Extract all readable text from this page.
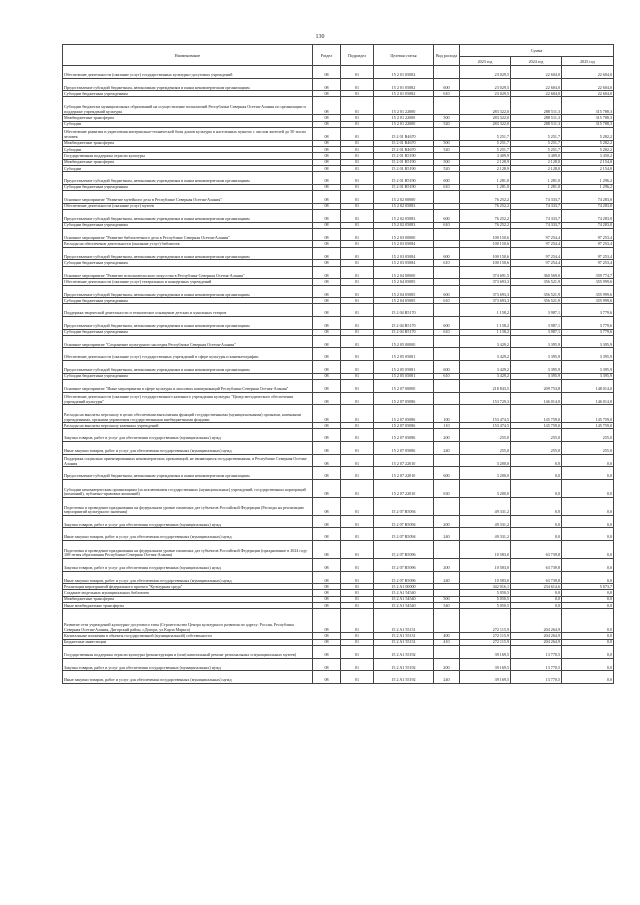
130
Наименование	Раздел	Подраздел	Целевая статья	Вид расхода	Сумма		
					2023 год	2024 год	2025 год
Обеспечение деятельности (оказание услуг) государственных культурно-досуговых учреждений	08	01	15 2 01 05082		23 029,5	22 604,0	22 604,0
Предоставление субсидий бюджетным, автономным учреждениям и иным некоммерческим организациям	08	01	15 2 01 05082	600	23 029,5	22 604,0	22 604,0
Субсидии бюджетным учреждениям	08	01	15 2 01 05082	610	23 029,5	22 604,0	22 604,0
Субсидии бюджетам муниципальных образований на осуществление полномочий Республики Северная Осетия-Алания по организации и поддержке учреждений культуры	08	01	15 2 01 22000		283 322,0	288 511,3	315 788,3
Межбюджетные трансферты	08	01	15 2 01 22000	500	283 322,0	288 511,3	315 788,3
Субсидии	08	01	15 2 01 22000	520	283 322,0	288 511,3	315 788,3
Обеспечение развития и укрепления материально-технической базы домов культуры в населенных пунктах с числом жителей до 50 тысяч человек	08	01	15 2 01 R4670		5 251,7	5 251,7	5 282,2
Межбюджетные трансферты	08	01	15 2 01 R4670	500	5 251,7	5 251,7	5 282,2
Субсидии	08	01	15 2 01 R4670	520	5 251,7	5 251,7	5 282,2
Государственная поддержка отрасли культуры	08	01	15 2 01 R5190		3 409,9	3 409,0	3 450,2
Межбюджетные трансферты	08	01	15 2 01 R5190	500	2 128,9	2 128,0	2 154,0
Субсидии	08	01	15 2 01 R5190	520	2 128,9	2 128,0	2 154,0
Предоставление субсидий бюджетным, автономным учреждениям и иным некоммерческим организациям	08	01	15 2 01 R5190	600	1 281,0	1 281,0	1 296,2
Субсидии бюджетным учреждениям	08	01	15 2 01 R5190	610	1 281,0	1 281,0	1 296,2
Основное мероприятие "Развитие музейного дела в Республике Северная Осетия-Алания"	08	01	15 2 02 00000		76 252,2	74 333,7	74 283,0
Обеспечение деятельности (оказание услуг) музеев	08	01	15 2 02 05083		76 252,2	74 333,7	74 283,0
Предоставление субсидий бюджетным, автономным учреждениям и иным некоммерческим организациям	08	01	15 2 02 05083	600	76 252,2	74 333,7	74 283,0
Субсидии бюджетным учреждениям	08	01	15 2 02 05083	610	76 252,2	74 333,7	74 283,0
Основное мероприятие "Развитие библиотечного дела в Республике Северная Осетия-Алания"	08	01	15 2 03 00000		100 150,6	97 254,4	97 253,4
Расходы на обеспечение деятельности (оказание услуг) библиотек	08	01	15 2 03 05084		100 150,6	97 254,4	97 253,4
Предоставление субсидий бюджетным, автономным учреждениям и иным некоммерческим организациям	08	01	15 2 03 05084	600	100 150,6	97 254,4	97 253,4
Субсидии бюджетным учреждениям	08	01	15 2 03 05084	610	100 150,6	97 254,4	97 253,4
Основное мероприятие "Развитие исполнительского искусства в Республике Северная Осетия-Алания"	08	01	15 2 04 00000		374 691,5	360 569,0	359 774,7
Обеспечение деятельности (оказание услуг) театральных и концертных учреждений	08	01	15 2 04 05085		373 693,3	356 521,9	355 999,6
Предоставление субсидий бюджетным, автономным учреждениям и иным некоммерческим организациям	08	01	15 2 04 05085	600	373 693,3	356 521,9	355 999,6
Субсидии бюджетным учреждениям	08	01	15 2 04 05085	610	373 693,3	356 521,9	355 999,6
Поддержка творческой деятельности и техническое оснащение детских и кукольных театров	08	01	15 2 04 R5170		1 158,2	3 987,1	3 779,6
Предоставление субсидий бюджетным, автономным учреждениям и иным некоммерческим организациям	08	01	15 2 04 R5170	600	1 158,2	3 987,1	3 779,6
Субсидии бюджетным учреждениям	08	01	15 2 04 R5170	610	1 158,2	3 987,1	3 779,6
Основное мероприятие "Сохранение культурного наследия Республики Северная Осетия-Алания"	08	01	15 2 05 00000		3 429,2	3 395,9	3 395,9
Обеспечение деятельности (оказание услуг) государственных учреждений в сфере культуры и кинематографии	08	01	15 2 05 05081		3 429,2	3 395,9	3 395,9
Предоставление субсидий бюджетным, автономным учреждениям и иным некоммерческим организациям	08	01	15 2 05 05081	600	3 429,2	3 395,9	3 395,9
Субсидии бюджетным учреждениям	08	01	15 2 05 05081	610	3 429,2	3 395,9	3 395,9
Основное мероприятие "Иные мероприятия в сфере культуры и массовых коммуникаций Республики Северная Осетия-Алания"	08	01	15 2 07 00000		218 843,5	209 753,8	148 014,0
Обеспечение деятельности (оказание услуг) государственного казенного учреждения культуры "Центр методического обеспечения учреждений культуры"	08	01	15 2 07 05086		153 729,3	146 014,0	146 014,0
Расходы на выплаты персоналу в целях обеспечения выполнения функций государственными (муниципальными) органами, казенными учреждениями, органами управления государственными внебюджетными фондами	08	01	15 2 07 05086	100	153 474,5	145 759,0	145 759,0
Расходы на выплаты персоналу казенных учреждений	08	01	15 2 07 05086	110	153 474,5	145 759,0	145 759,0
Закупка товаров, работ и услуг для обеспечения государственных (муниципальных) нужд	08	01	15 2 07 05086	200	255,0	255,0	255,0
Иные закупки товаров, работ и услуг для обеспечения государственных (муниципальных) нужд	08	01	15 2 07 05086	240	255,0	255,0	255,0
Поддержка социально ориентированных некоммерческих организаций, не являющихся государственными, в Республике Северная Осетия-Алания	08	01	15 2 07 22010		3 200,0	0,0	0,0
Предоставление субсидий бюджетным, автономным учреждениям и иным некоммерческим организациям	08	01	15 2 07 22010	600	3 200,0	0,0	0,0
Субсидии некоммерческим организациям (за исключением государственных (муниципальных) учреждений, государственных корпораций (компаний), публично-правовых компаний)	08	01	15 2 07 22010	630	3 200,0	0,0	0,0
Подготовка и проведение празднования на федеральном уровне памятных дат субъектов Российской Федерации (Расходы на реализацию мероприятий культурного значения)	08	01	15 2 07 R5094		49 331,2	0,0	0,0
Закупка товаров, работ и услуг для обеспечения государственных (муниципальных) нужд	08	01	15 2 07 R5094	200	49 331,2	0,0	0,0
Иные закупки товаров, работ и услуг для обеспечения государственных (муниципальных) нужд	08	01	15 2 07 R5094	240	49 331,2	0,0	0,0
Подготовка и проведение празднования на федеральном уровне памятных дат субъектов Российской Федерации (празднование в 2024 году 100-летия образования Республики Северная Осетия-Алания)	08	01	15 2 07 R5096		10 583,0	63 739,8	0,0
Закупка товаров, работ и услуг для обеспечения государственных (муниципальных) нужд	08	01	15 2 07 R5096	200	10 583,0	63 739,8	0,0
Иные закупки товаров, работ и услуг для обеспечения государственных (муниципальных) нужд	08	01	15 2 07 R5096	240	10 583,0	63 739,8	0,0
Реализация мероприятий федерального проекта "Культурная среда"	08	01	15 2 A1 00000		342 016,1	234 614,6	5 073,7
Создание модельных муниципальных библиотек	08	01	15 2 A1 54540		5 050,5	0,0	0,0
Межбюджетные трансферты	08	01	15 2 A1 54540	500	5 050,5	0,0	0,0
Иные межбюджетные трансферты	08	01	15 2 A1 54540	540	5 050,5	0,0	0,0
Развитие сети учреждений культурно-досугового типа (Строительство Центра культурного развития по адресу: Россия, Республика Северная Осетия-Алания, Дигорский район, г.Дигора, ул.Карла Маркса)	08	01	15 2 A1 55131		272 115,9	204 264,9	0,0
Капитальные вложения в объекты государственной (муниципальной) собственности	08	01	15 2 A1 55131	400	272 115,9	204 264,9	0,0
Бюджетные инвестиции	08	01	15 2 A1 55131	410	272 115,9	204 264,9	0,0
Государственная поддержка отрасли культуры (реконструкция и (или) капитальный ремонт региональных и муниципальных музеев)	08	01	15 2 A1 55192		39 169,5	13 770,5	0,0
Закупка товаров, работ и услуг для обеспечения государственных (муниципальных) нужд	08	01	15 2 A1 55192	200	39 169,5	13 770,5	0,0
Иные закупки товаров, работ и услуг для обеспечения государственных (муниципальных) нужд	08	01	15 2 A1 55192	240	39 169,5	13 770,5	0,0
